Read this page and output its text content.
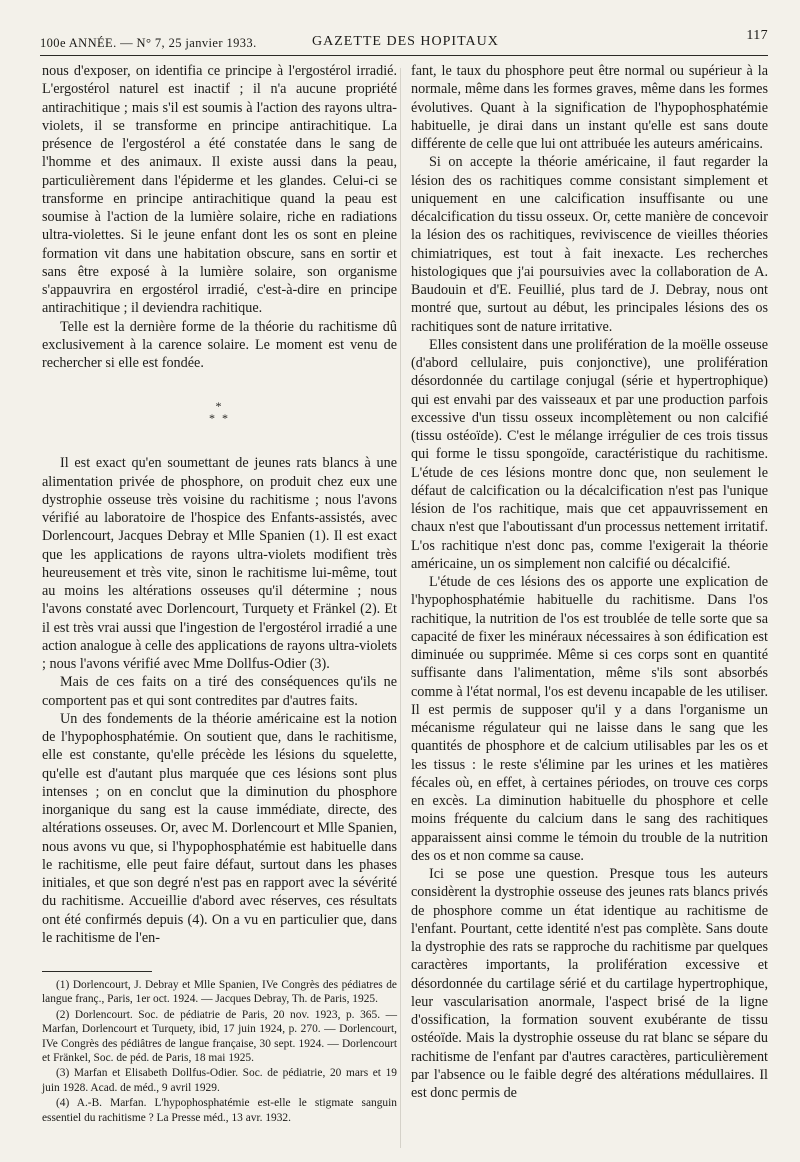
100e ANNÉE. — N° 7, 25 janvier 1933.	GAZETTE DES HOPITAUX	117

nous d'exposer, on identifia ce principe à l'ergostérol irradié. L'ergostérol naturel est inactif ; il n'a aucune propriété antirachitique ; mais s'il est soumis à l'action des rayons ultra-violets, il se transforme en principe antirachitique. La présence de l'ergostérol a été constatée dans le sang de l'homme et des animaux. Il existe aussi dans la peau, particulièrement dans l'épiderme et les glandes. Celui-ci se transforme en principe antirachitique quand la peau est soumise à l'action de la lumière solaire, riche en radiations ultra-violettes. Si le jeune enfant dont les os sont en pleine formation vit dans une habitation obscure, sans en sortir et sans être exposé à la lumière solaire, son organisme s'appauvrira en ergostérol irradié, c'est-à-dire en principe antirachitique ; il deviendra rachitique.

Telle est la dernière forme de la théorie du rachitisme dû exclusivement à la carence solaire. Le moment est venu de rechercher si elle est fondée.

*
* *

Il est exact qu'en soumettant de jeunes rats blancs à une alimentation privée de phosphore, on produit chez eux une dystrophie osseuse très voisine du rachitisme ; nous l'avons vérifié au laboratoire de l'hospice des Enfants-assistés, avec Dorlencourt, Jacques Debray et Mlle Spanien (1). Il est exact que les applications de rayons ultra-violets modifient très heureusement et très vite, sinon le rachitisme lui-même, tout au moins les altérations osseuses qu'il détermine ; nous l'avons constaté avec Dorlencourt, Turquety et Fränkel (2). Et il est très vrai aussi que l'ingestion de l'ergostérol irradié a une action analogue à celle des applications de rayons ultra-violets ; nous l'avons vérifié avec Mme Dollfus-Odier (3).

Mais de ces faits on a tiré des conséquences qu'ils ne comportent pas et qui sont contredites par d'autres faits.

Un des fondements de la théorie américaine est la notion de l'hypophosphatémie. On soutient que, dans le rachitisme, elle est constante, qu'elle précède les lésions du squelette, qu'elle est d'autant plus marquée que ces lésions sont plus intenses ; on en conclut que la diminution du phosphore inorganique du sang est la cause immédiate, directe, des altérations osseuses. Or, avec M. Dorlencourt et Mlle Spanien, nous avons vu que, si l'hypophosphatémie est habituelle dans le rachitisme, elle peut faire défaut, surtout dans les phases initiales, et que son degré n'est pas en rapport avec la sévérité du rachitisme. Accueillie d'abord avec réserves, ces résultats ont été confirmés depuis (4). On a vu en particulier que, dans le rachitisme de l'en-

(1) Dorlencourt, J. Debray et Mlle Spanien, IVe Congrès des pédiatres de langue franç., Paris, 1er oct. 1924. — Jacques Debray, Th. de Paris, 1925.

(2) Dorlencourt. Soc. de pédiatrie de Paris, 20 nov. 1923, p. 365. — Marfan, Dorlencourt et Turquety, ibid, 17 juin 1924, p. 270. — Dorlencourt, IVe Congrès des pédiâtres de langue française, 30 sept. 1924. — Dorlencourt et Fränkel, Soc. de péd. de Paris, 18 mai 1925.

(3) Marfan et Elisabeth Dollfus-Odier. Soc. de pédiatrie, 20 mars et 19 juin 1928. Acad. de méd., 9 avril 1929.

(4) A.-B. Marfan. L'hypophosphatémie est-elle le stigmate sanguin essentiel du rachitisme ? La Presse méd., 13 avr. 1932.

fant, le taux du phosphore peut être normal ou supérieur à la normale, même dans les formes graves, même dans les formes évolutives. Quant à la signification de l'hypophosphatémie habituelle, je dirai dans un instant qu'elle est sans doute différente de celle que lui ont attribuée les auteurs américains.

Si on accepte la théorie américaine, il faut regarder la lésion des os rachitiques comme consistant simplement et uniquement en une calcification insuffisante ou une décalcification du tissu osseux. Or, cette manière de concevoir la lésion des os rachitiques, reviviscence de vieilles théories chimiatriques, est tout à fait inexacte. Les recherches histologiques que j'ai poursuivies avec la collaboration de A. Baudouin et d'E. Feuillié, plus tard de J. Debray, nous ont montré que, surtout au début, les principales lésions des os rachitiques sont de nature irritative.

Elles consistent dans une prolifération de la moëlle osseuse (d'abord cellulaire, puis conjonctive), une prolifération désordonnée du cartilage conjugal (série et hypertrophique) qui est envahi par des vaisseaux et par une production parfois excessive d'un tissu osseux incomplètement ou non calcifié (tissu ostéoïde). C'est le mélange irrégulier de ces trois tissus qui forme le tissu spongoïde, caractéristique du rachitisme. L'étude de ces lésions montre donc que, non seulement le défaut de calcification ou la décalcification n'est pas l'unique lésion de l'os rachitique, mais que cet appauvrissement en chaux n'est que l'aboutissant d'un processus nettement irritatif. L'os rachitique n'est donc pas, comme l'exigerait la théorie américaine, un os simplement non calcifié ou décalcifié.

L'étude de ces lésions des os apporte une explication de l'hypophosphatémie habituelle du rachitisme. Dans l'os rachitique, la nutrition de l'os est troublée de telle sorte que sa capacité de fixer les minéraux nécessaires à son édification est diminuée ou supprimée. Même si ces corps sont en quantité suffisante dans l'alimentation, même s'ils sont absorbés comme à l'état normal, l'os est devenu incapable de les utiliser. Il est permis de supposer qu'il y a dans l'organisme un mécanisme régulateur qui ne laisse dans le sang que les quantités de phosphore et de calcium utilisables par les os et les tissus : le reste s'élimine par les urines et les matières fécales où, en effet, à certaines périodes, on trouve ces corps en excès. La diminution habituelle du phosphore et celle moins fréquente du calcium dans le sang des rachitiques apparaissent ainsi comme le témoin du trouble de la nutrition des os et non comme sa cause.

Ici se pose une question. Presque tous les auteurs considèrent la dystrophie osseuse des jeunes rats blancs privés de phosphore comme un état identique au rachitisme de l'enfant. Pourtant, cette identité n'est pas complète. Sans doute la dystrophie des rats se rapproche du rachitisme par quelques caractères importants, la prolifération excessive et désordonnée du cartilage sérié et du cartilage hypertrophique, leur vascularisation anormale, l'aspect brisé de la ligne d'ossification, la formation souvent exubérante de tissu ostéoïde. Mais la dystrophie osseuse du rat blanc se sépare du rachitisme de l'enfant par d'autres caractères, particulièrement par l'absence ou le faible degré des altérations médullaires. Il est donc permis de
